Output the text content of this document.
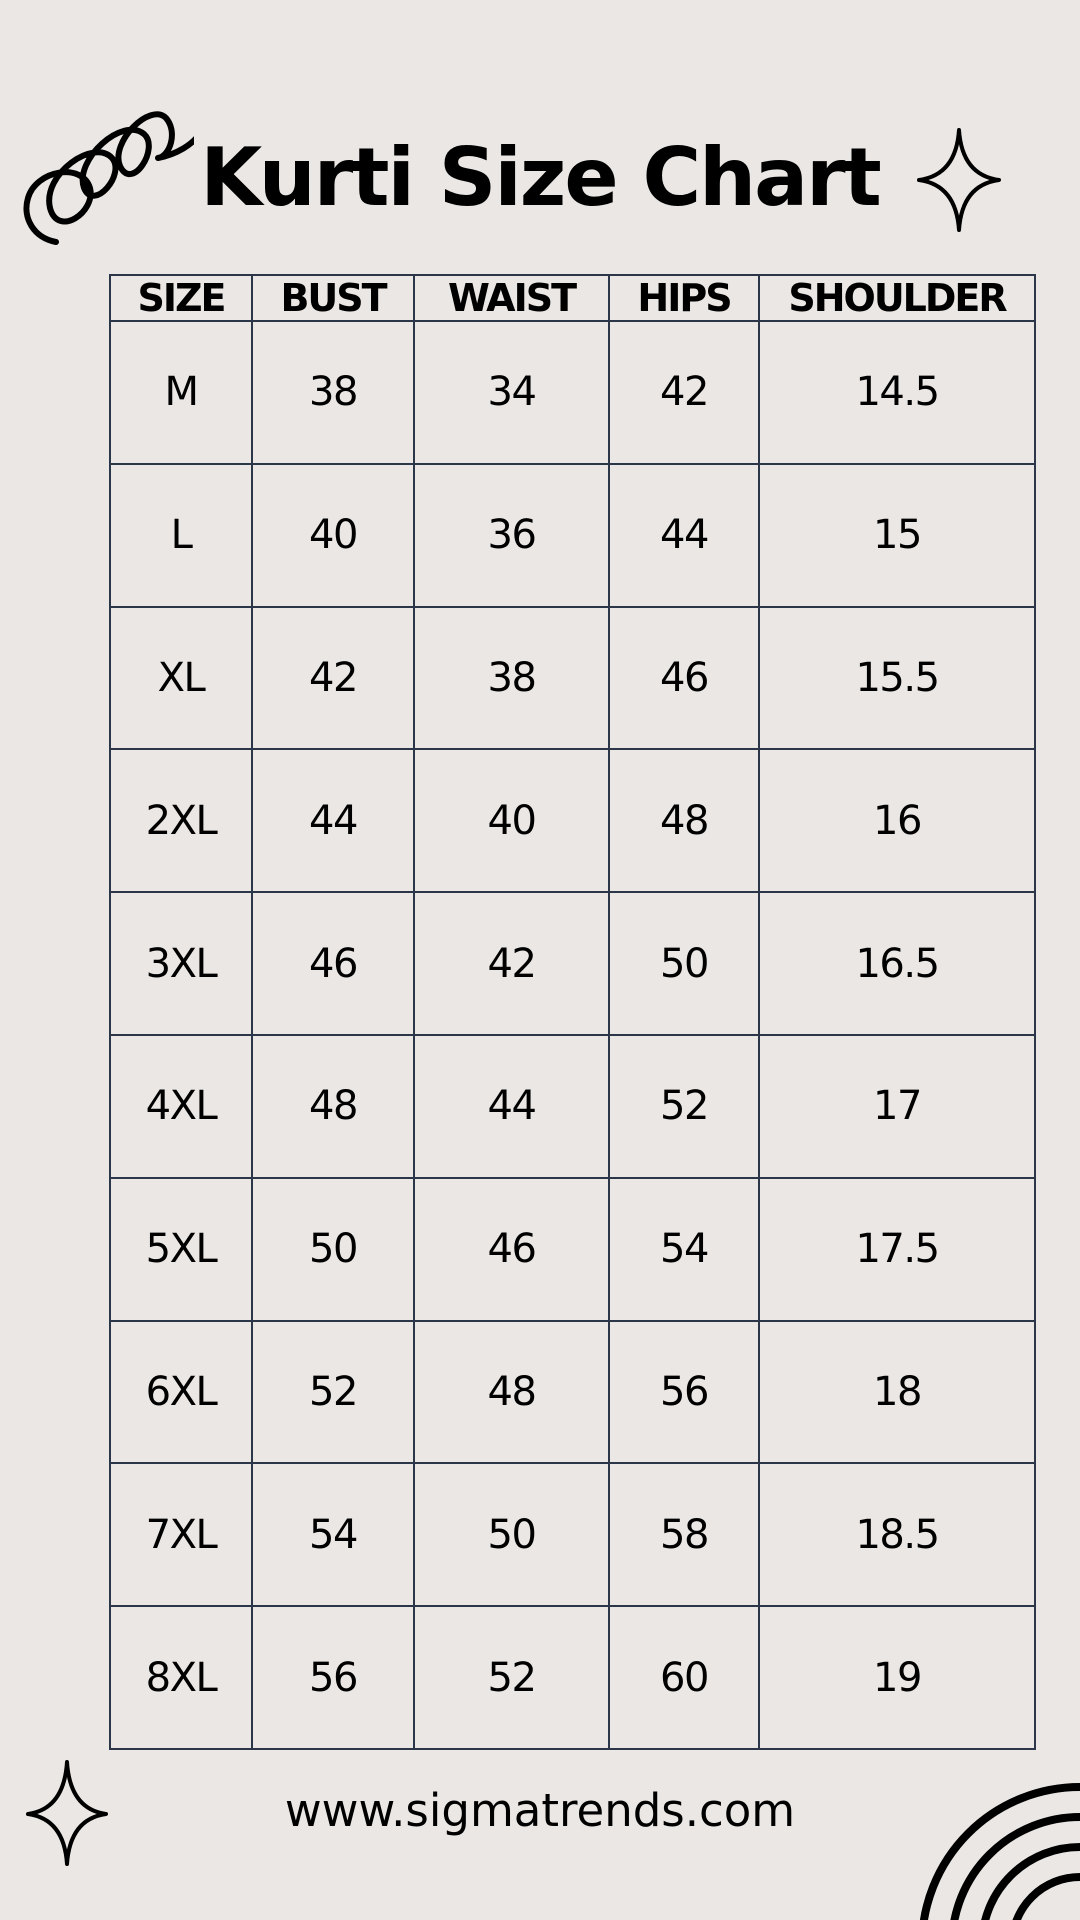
Kurti Size Chart
SIZE	BUST	WAIST	HIPS	SHOULDER
M	38	34	42	14.5
L	40	36	44	15
XL	42	38	46	15.5
2XL	44	40	48	16
3XL	46	42	50	16.5
4XL	48	44	52	17
5XL	50	46	54	17.5
6XL	52	48	56	18
7XL	54	50	58	18.5
8XL	56	52	60	19
www.sigmatrends.com
